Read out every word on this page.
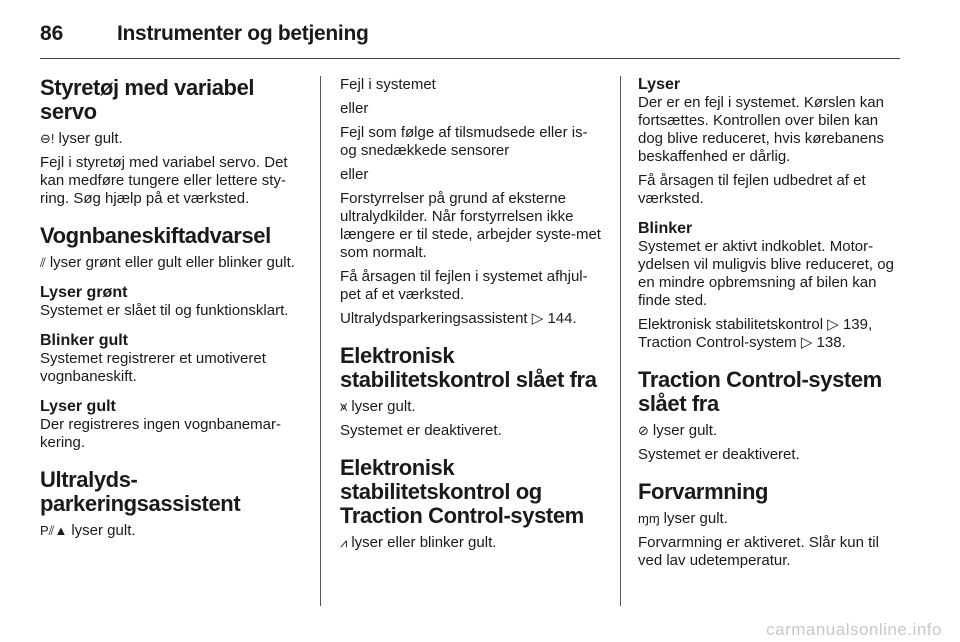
86	Instrumenter og betjening
Styretøj med variabel servo

⊖! lyser gult.

Fejl i styretøj med variabel servo. Det kan medføre tungere eller lettere sty-ring. Søg hjælp på et værksted.

Vognbaneskiftadvarsel

⫽ lyser grønt eller gult eller blinker gult.

Lyser grønt

Systemet er slået til og funktionsklart.

Blinker gult

Systemet registrerer et umotiveret vognbaneskift.

Lyser gult

Der registreres ingen vognbanemar-kering.

Ultralyds-parkeringsassistent

P⫽▲ lyser gult.

Fejl i systemet

eller

Fejl som følge af tilsmudsede eller is-og snedækkede sensorer

eller

Forstyrrelser på grund af eksterne ultralydkilder. Når forstyrrelsen ikke længere er til stede, arbejder syste-met som normalt.

Få årsagen til fejlen i systemet afhjul-pet af et værksted.

Ultralydsparkeringsassistent ▷ 144.

Elektronisk stabilitetskontrol slået fra

⩙ lyser gult.

Systemet er deaktiveret.

Elektronisk stabilitetskontrol og Traction Control-system

⩘ lyser eller blinker gult.

Lyser

Der er en fejl i systemet. Kørslen kan fortsættes. Kontrollen over bilen kan dog blive reduceret, hvis kørebanens beskaffenhed er dårlig.

Få årsagen til fejlen udbedret af et værksted.

Blinker

Systemet er aktivt indkoblet. Motor-ydelsen vil muligvis blive reduceret, og en mindre opbremsning af bilen kan finde sted.

Elektronisk stabilitetskontrol ▷ 139,
Traction Control-system ▷ 138.

Traction Control-system slået fra

⊘ lyser gult.

Systemet er deaktiveret.

Forvarmning

ɱɱ lyser gult.

Forvarmning er aktiveret. Slår kun til ved lav udetemperatur.

carmanualsonline.info
